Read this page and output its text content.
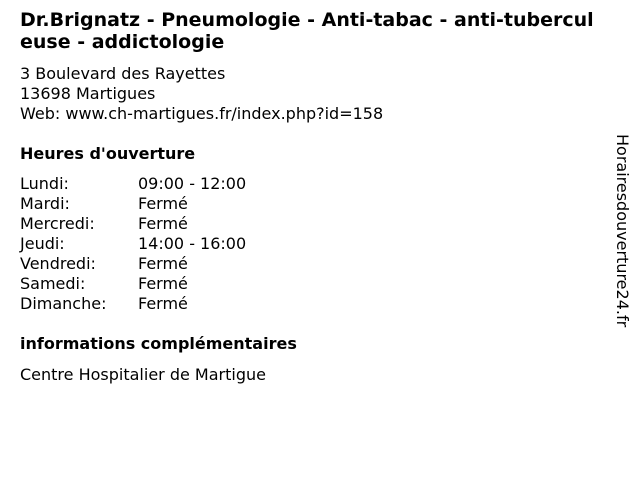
Dr.Brignatz - Pneumologie - Anti-tabac - anti-tuberculeuse - addictologie
3 Boulevard des Rayettes
13698 Martigues
Web: www.ch-martigues.fr/index.php?id=158
Heures d'ouverture
Lundi:	09:00 - 12:00
Mardi:	Fermé
Mercredi:	Fermé
Jeudi:	14:00 - 16:00
Vendredi:	Fermé
Samedi:	Fermé
Dimanche: Fermé
informations complémentaires
Centre Hospitalier de Martigue
Horairesdouverture24.fr
